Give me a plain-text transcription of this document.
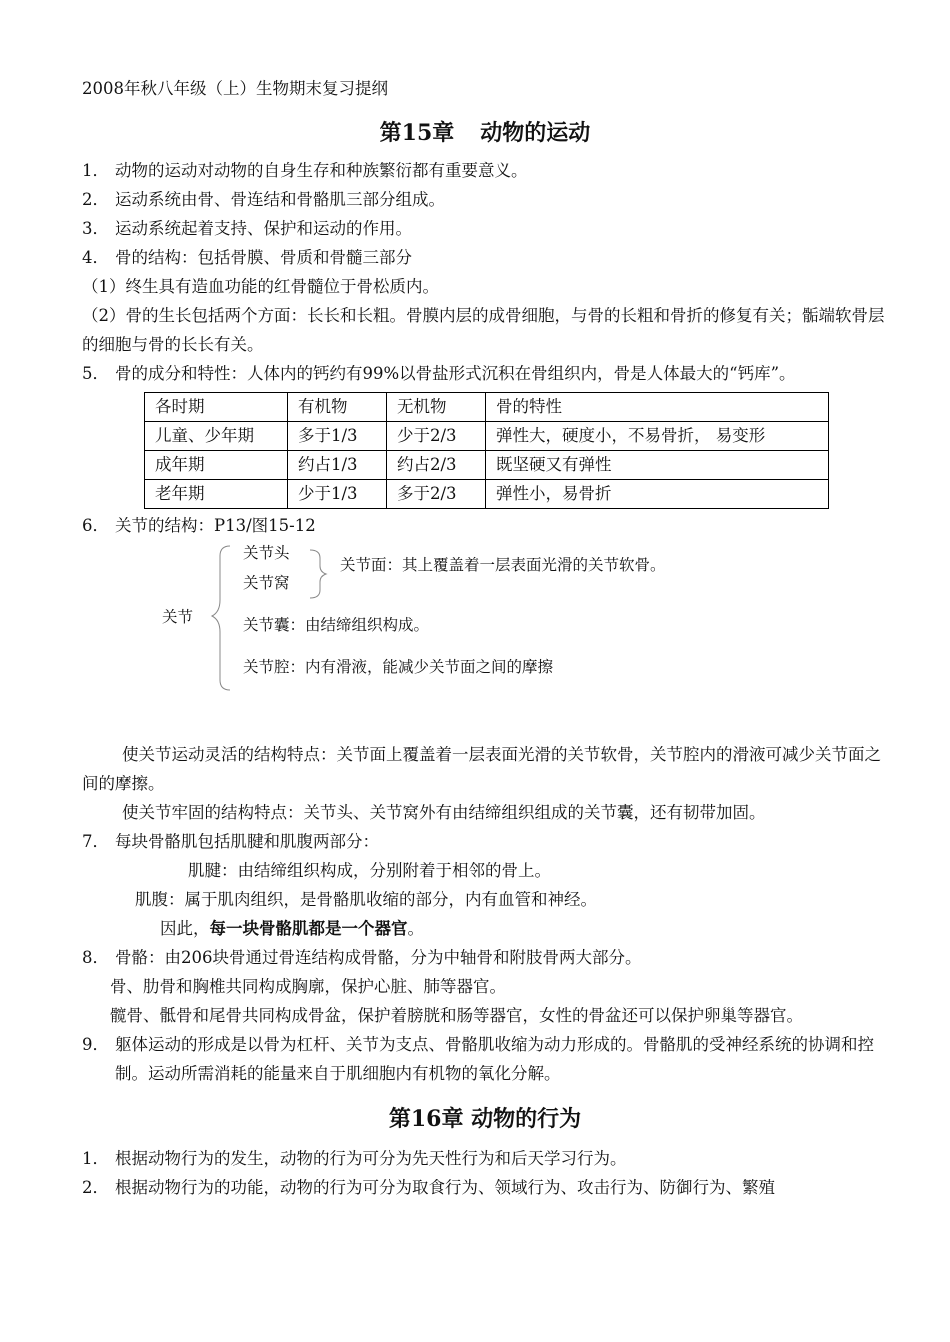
2008年秋八年级（上）生物期末复习提纲

第15章 动物的运动
1． 动物的运动对动物的自身生存和种族繁衍都有重要意义。
2． 运动系统由骨、骨连结和骨骼肌三部分组成。
3． 运动系统起着支持、保护和运动的作用。
4． 骨的结构：包括骨膜、骨质和骨髓三部分

（1）终生具有造血功能的红骨髓位于骨松质内。

（2）骨的生长包括两个方面：长长和长粗。骨膜内层的成骨细胞，与骨的长粗和骨折的修复有关；骺端软骨层的细胞与骨的长长有关。

5． 骨的成分和特性：人体内的钙约有99%以骨盐形式沉积在骨组织内，骨是人体最大的“钙库”。
各时期	有机物	无机物	骨的特性
儿童、少年期	多于1/3	少于2/3	弹性大，硬度小，不易骨折， 易变形
成年期	约占1/3	约占2/3	既坚硬又有弹性
老年期	少于1/3	多于2/3	弹性小，易骨折
6． 关节的结构：P13/图15-12
关节
关节头
关节窝
关节面：其上覆盖着一层表面光滑的关节软骨。
关节囊：由结缔组织构成。
关节腔：内有滑液，能减少关节面之间的摩擦

使关节运动灵活的结构特点：关节面上覆盖着一层表面光滑的关节软骨，关节腔内的滑液可减少关节面之间的摩擦。

使关节牢固的结构特点：关节头、关节窝外有由结缔组织组成的关节囊，还有韧带加固。

7． 每块骨骼肌包括肌腱和肌腹两部分：

肌腱：由结缔组织构成，分别附着于相邻的骨上。

肌腹：属于肌肉组织，是骨骼肌收缩的部分，内有血管和神经。

因此，每一块骨骼肌都是一个器官。

8． 骨骼：由206块骨通过骨连结构成骨骼，分为中轴骨和附肢骨两大部分。

骨、肋骨和胸椎共同构成胸廓，保护心脏、肺等器官。

髋骨、骶骨和尾骨共同构成骨盆，保护着膀胱和肠等器官，女性的骨盆还可以保护卵巢等器官。

9． 躯体运动的形成是以骨为杠杆、关节为支点、骨骼肌收缩为动力形成的。骨骼肌的受神经系统的协调和控制。运动所需消耗的能量来自于肌细胞内有机物的氧化分解。
第16章 动物的行为
1． 根据动物行为的发生，动物的行为可分为先天性行为和后天学习行为。
2． 根据动物行为的功能，动物的行为可分为取食行为、领域行为、攻击行为、防御行为、繁殖
